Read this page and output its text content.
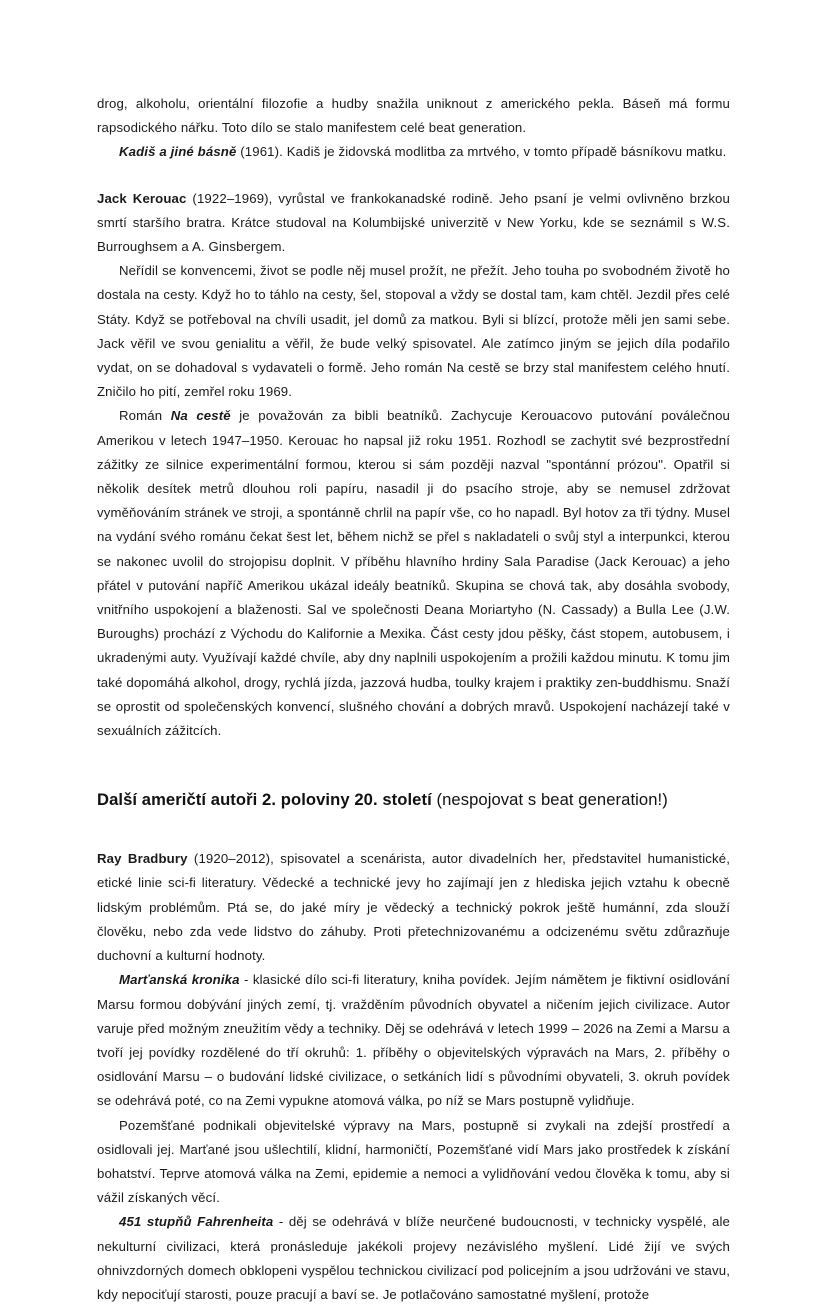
drog, alkoholu, orientální filozofie a hudby snažila uniknout z amerického pekla. Báseň má formu rapsodického nářku. Toto dílo se stalo manifestem celé beat generation.

Kadiš a jiné básně (1961). Kadiš je židovská modlitba za mrtvého, v tomto případě básníkovu matku.

Jack Kerouac (1922–1969), vyrůstal ve frankokanadské rodině. Jeho psaní je velmi ovlivněno brzkou smrtí staršího bratra. Krátce studoval na Kolumbijské univerzitě v New Yorku, kde se seznámil s W.S. Burroughsem a A. Ginsbergem.

Neřídil se konvencemi, život se podle něj musel prožít, ne přežít. Jeho touha po svobodném životě ho dostala na cesty. Když ho to táhlo na cesty, šel, stopoval a vždy se dostal tam, kam chtěl. Jezdil přes celé Státy. Když se potřeboval na chvíli usadit, jel domů za matkou. Byli si blízcí, protože měli jen sami sebe. Jack věřil ve svou genialitu a věřil, že bude velký spisovatel. Ale zatímco jiným se jejich díla podařilo vydat, on se dohadoval s vydavateli o formě. Jeho román Na cestě se brzy stal manifestem celého hnutí. Zničilo ho pití, zemřel roku 1969.

Román Na cestě je považován za bibli beatníků. Zachycuje Kerouacovo putování poválečnou Amerikou v letech 1947–1950. Kerouac ho napsal již roku 1951. Rozhodl se zachytit své bezprostřední zážitky ze silnice experimentální formou, kterou si sám později nazval "spontánní prózou". Opatřil si několik desítek metrů dlouhou roli papíru, nasadil ji do psacího stroje, aby se nemusel zdržovat vyměňováním stránek ve stroji, a spontánně chrlil na papír vše, co ho napadl. Byl hotov za tři týdny. Musel na vydání svého románu čekat šest let, během nichž se přel s nakladateli o svůj styl a interpunkci, kterou se nakonec uvolil do strojopisu doplnit. V příběhu hlavního hrdiny Sala Paradise (Jack Kerouac) a jeho přátel v putování napříč Amerikou ukázal ideály beatníků. Skupina se chová tak, aby dosáhla svobody, vnitřního uspokojení a blaženosti. Sal ve společnosti Deana Moriartyho (N. Cassady) a Bulla Lee (J.W. Buroughs) prochází z Východu do Kalifornie a Mexika. Část cesty jdou pěšky, část stopem, autobusem, i ukradenými auty. Využívají každé chvíle, aby dny naplnili uspokojením a prožili každou minutu. K tomu jim také dopomáhá alkohol, drogy, rychlá jízda, jazzová hudba, toulky krajem i praktiky zen-buddhismu. Snaží se oprostit od společenských konvencí, slušného chování a dobrých mravů. Uspokojení nacházejí také v sexuálních zážitcích.

Další američtí autoři 2. poloviny 20. století (nespojovat s beat generation!)

Ray Bradbury (1920–2012), spisovatel a scenárista, autor divadelních her, představitel humanistické, etické linie sci-fi literatury. Vědecké a technické jevy ho zajímají jen z hlediska jejich vztahu k obecně lidským problémům. Ptá se, do jaké míry je vědecký a technický pokrok ještě humánní, zda slouží člověku, nebo zda vede lidstvo do záhuby. Proti přetechnizovanému a odcizenému světu zdůrazňuje duchovní a kulturní hodnoty.

Marťanská kronika - klasické dílo sci-fi literatury, kniha povídek. Jejím námětem je fiktivní osidlování Marsu formou dobývání jiných zemí, tj. vražděním původních obyvatel a ničením jejich civilizace. Autor varuje před možným zneužitím vědy a techniky. Děj se odehrává v letech 1999 – 2026 na Zemi a Marsu a tvoří jej povídky rozdělené do tří okruhů: 1. příběhy o objevitelských výpravách na Mars, 2. příběhy o osidlování Marsu – o budování lidské civilizace, o setkáních lidí s původními obyvateli, 3. okruh povídek se odehrává poté, co na Zemi vypukne atomová válka, po níž se Mars postupně vylidňuje.

Pozemšťané podnikali objevitelské výpravy na Mars, postupně si zvykali na zdejší prostředí a osidlovali jej. Marťané jsou ušlechtilí, klidní, harmoničtí, Pozemšťané vidí Mars jako prostředek k získání bohatství. Teprve atomová válka na Zemi, epidemie a nemoci a vylidňování vedou člověka k tomu, aby si vážil získaných věcí.

451 stupňů Fahrenheita - děj se odehrává v blíže neurčené budoucnosti, v technicky vyspělé, ale nekulturní civilizaci, která pronásleduje jakékoli projevy nezávislého myšlení. Lidé žijí ve svých ohnivzdorných domech obklopeni vyspělou technickou civilizací pod policejním a jsou udržováni ve stavu, kdy nepociťují starosti, pouze pracují a baví se. Je potlačováno samostatné myšlení, protože
